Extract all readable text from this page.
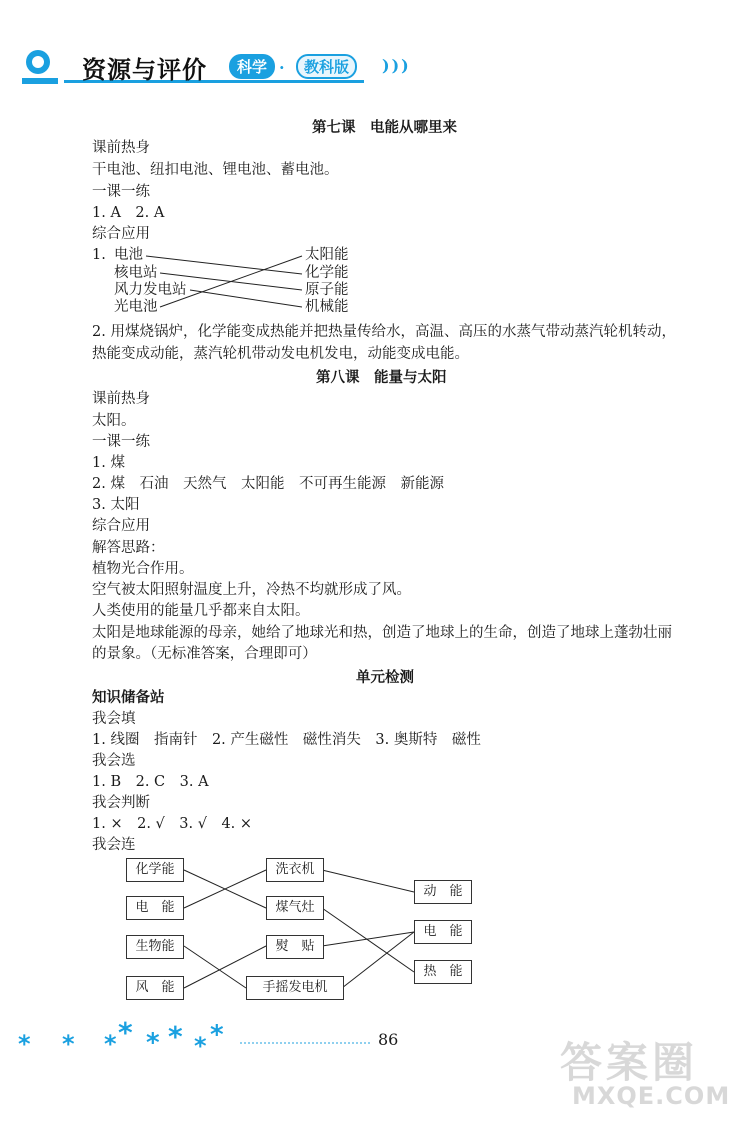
资源与评价	科学 ·	教科版	)))
第七课　电能从哪里来
课前热身
干电池、纽扣电池、锂电池、蓄电池。
一课一练
1. A　2. A
综合应用
1. 电池
核电站
风力发电站
光电池
太阳能
化学能
原子能
机械能
2. 用煤烧锅炉，化学能变成热能并把热量传给水，高温、高压的水蒸气带动蒸汽轮机转动，
热能变成动能，蒸汽轮机带动发电机发电，动能变成电能。
第八课　能量与太阳
课前热身
太阳。
一课一练
1. 煤
2. 煤　石油　天然气　太阳能　不可再生能源　新能源
3. 太阳
综合应用
解答思路：
植物光合作用。
空气被太阳照射温度上升，冷热不均就形成了风。
人类使用的能量几乎都来自太阳。
太阳是地球能源的母亲，她给了地球光和热，创造了地球上的生命，创造了地球上蓬勃壮丽
的景象。（无标准答案，合理即可）
单元检测
知识储备站
我会填
1. 线圈　指南针　2. 产生磁性　磁性消失　3. 奥斯特　磁性
我会选
1. B　2. C　3. A
我会判断
1. ×　2. √　3. √　4. ×
我会连
化学能
电　能
生物能
风　能
洗衣机
煤气灶
熨　贴
手摇发电机
动　能
电　能
热　能
* * * * * * * *	86	答案圈
MXQE.COM
